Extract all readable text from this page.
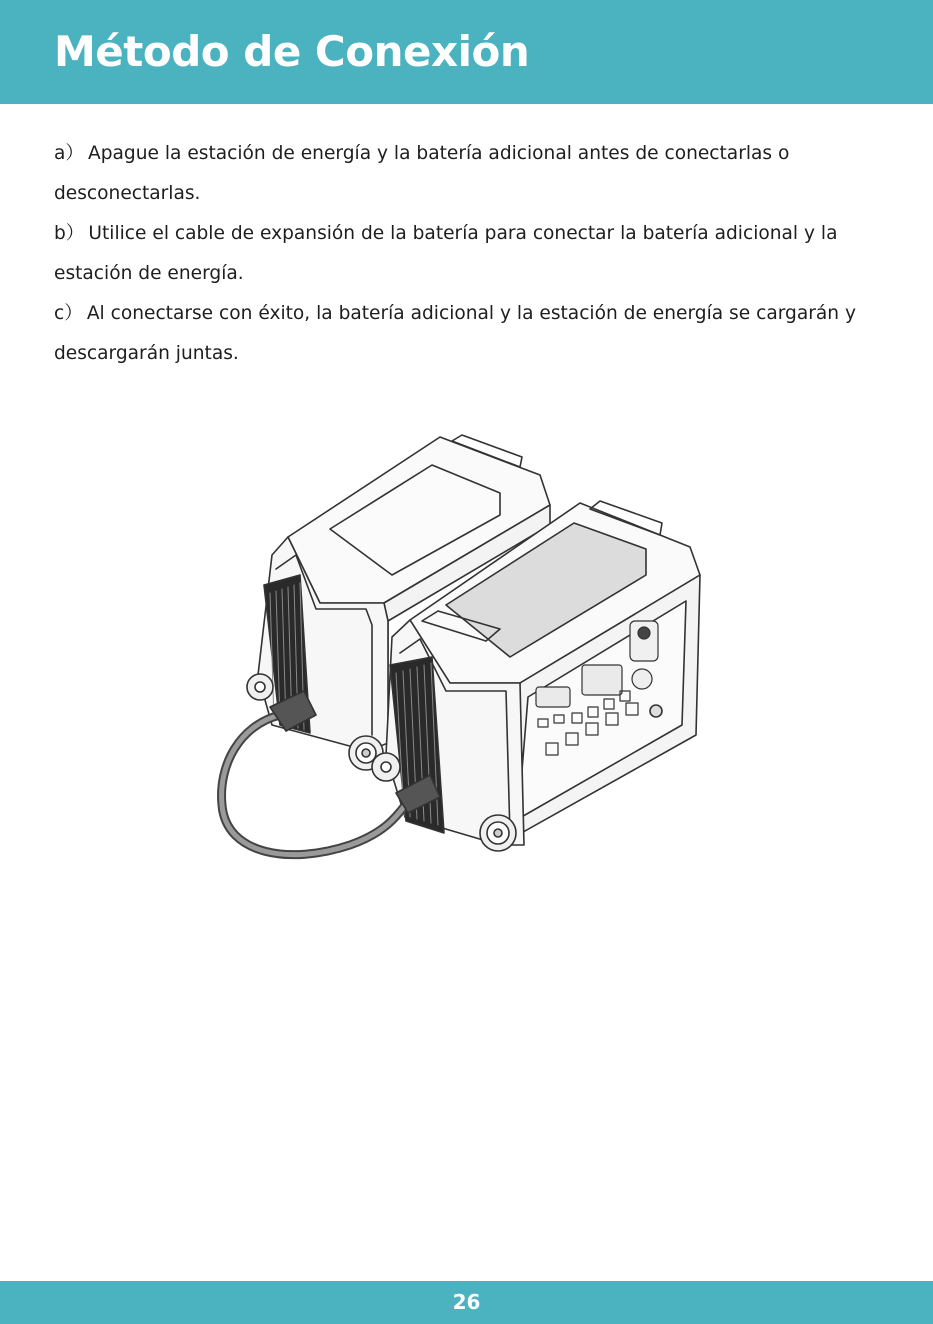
Método de Conexión

a） Apague la estación de energía y la batería adicional antes de conectarlas o desconectarlas.

b） Utilice el cable de expansión de la batería para conectar la batería adicional y la estación de energía.

c） Al conectarse con éxito, la batería adicional y la estación de energía se cargarán y descargarán juntas.

26
